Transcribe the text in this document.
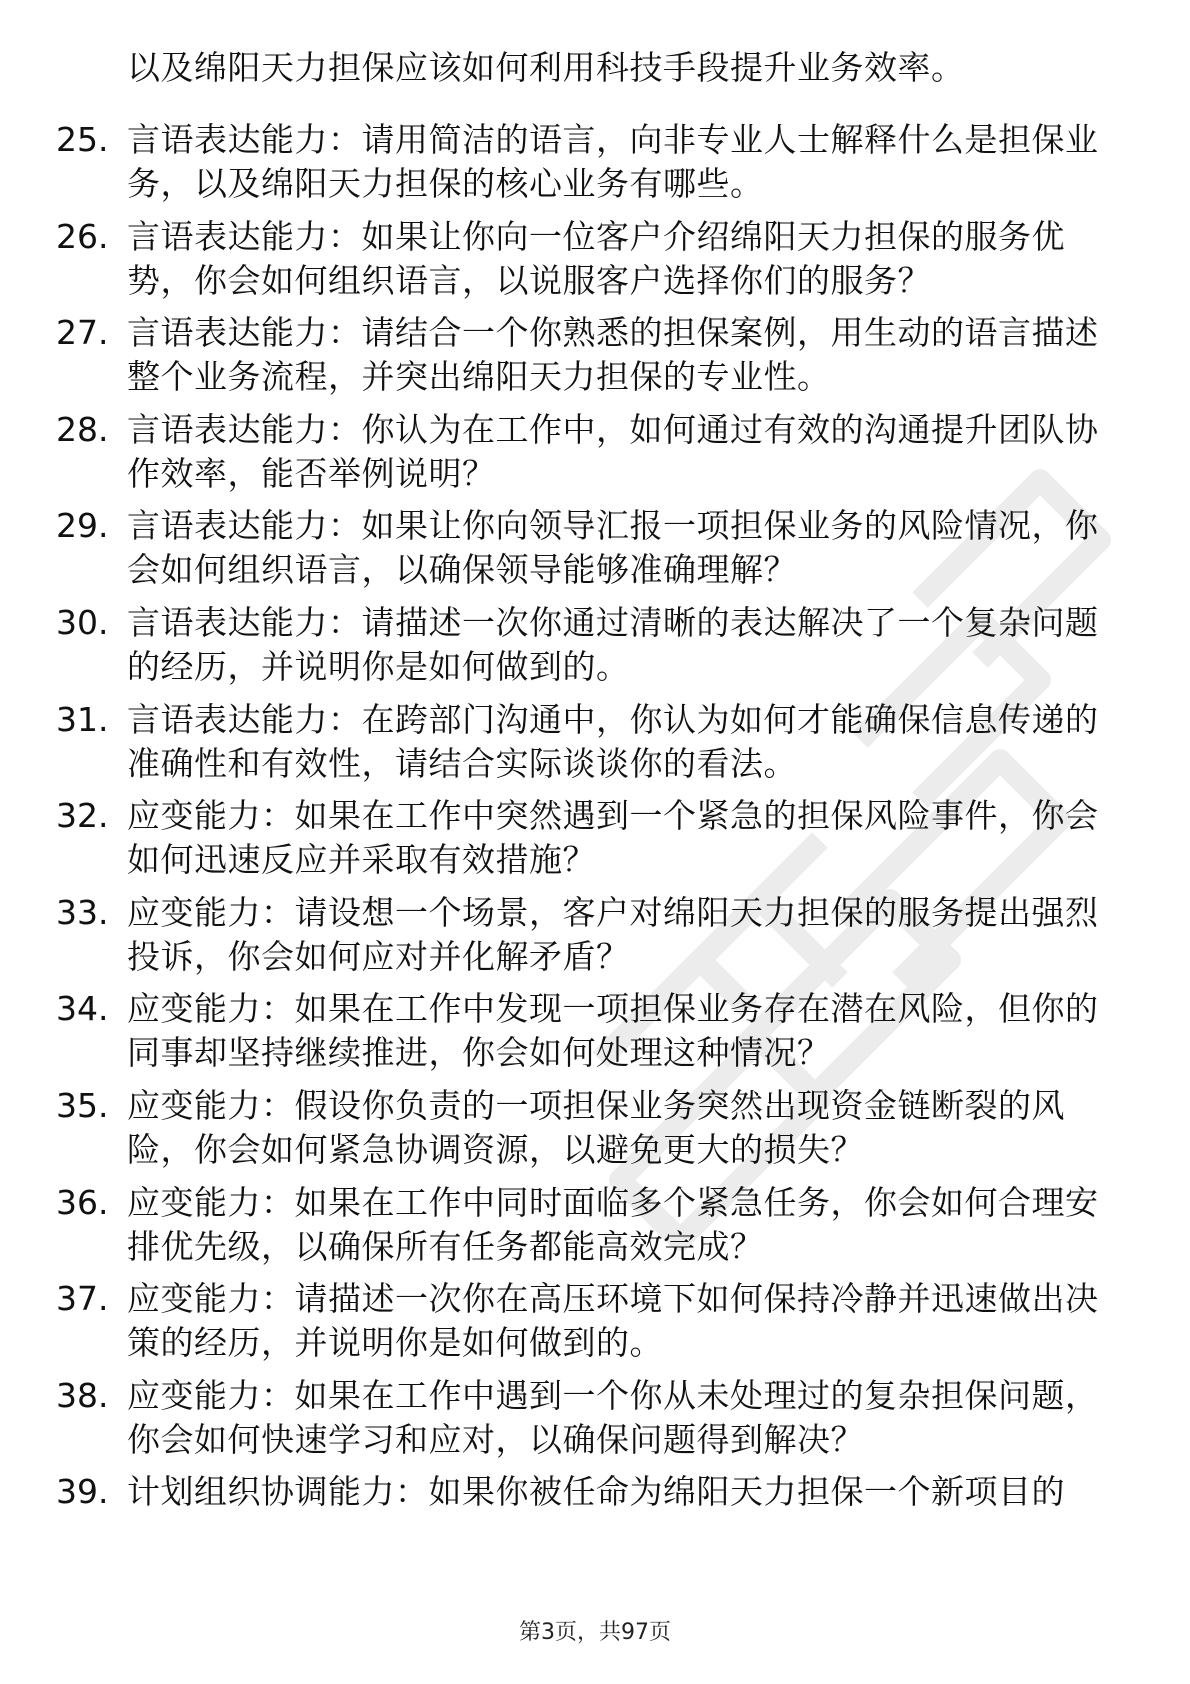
以及绵阳天力担保应该如何利用科技手段提升业务效率。
25. 言语表达能力：请用简洁的语言，向非专业人士解释什么是担保业务，以及绵阳天力担保的核心业务有哪些。
26. 言语表达能力：如果让你向一位客户介绍绵阳天力担保的服务优势，你会如何组织语言，以说服客户选择你们的服务？
27. 言语表达能力：请结合一个你熟悉的担保案例，用生动的语言描述整个业务流程，并突出绵阳天力担保的专业性。
28. 言语表达能力：你认为在工作中，如何通过有效的沟通提升团队协作效率，能否举例说明？
29. 言语表达能力：如果让你向领导汇报一项担保业务的风险情况，你会如何组织语言，以确保领导能够准确理解？
30. 言语表达能力：请描述一次你通过清晰的表达解决了一个复杂问题的经历，并说明你是如何做到的。
31. 言语表达能力：在跨部门沟通中，你认为如何才能确保信息传递的准确性和有效性，请结合实际谈谈你的看法。
32. 应变能力：如果在工作中突然遇到一个紧急的担保风险事件，你会如何迅速反应并采取有效措施？
33. 应变能力：请设想一个场景，客户对绵阳天力担保的服务提出强烈投诉，你会如何应对并化解矛盾？
34. 应变能力：如果在工作中发现一项担保业务存在潜在风险，但你的同事却坚持继续推进，你会如何处理这种情况？
35. 应变能力：假设你负责的一项担保业务突然出现资金链断裂的风险，你会如何紧急协调资源，以避免更大的损失？
36. 应变能力：如果在工作中同时面临多个紧急任务，你会如何合理安排优先级，以确保所有任务都能高效完成？
37. 应变能力：请描述一次你在高压环境下如何保持冷静并迅速做出决策的经历，并说明你是如何做到的。
38. 应变能力：如果在工作中遇到一个你从未处理过的复杂担保问题，你会如何快速学习和应对，以确保问题得到解决？
39. 计划组织协调能力：如果你被任命为绵阳天力担保一个新项目的
第3页，共97页
